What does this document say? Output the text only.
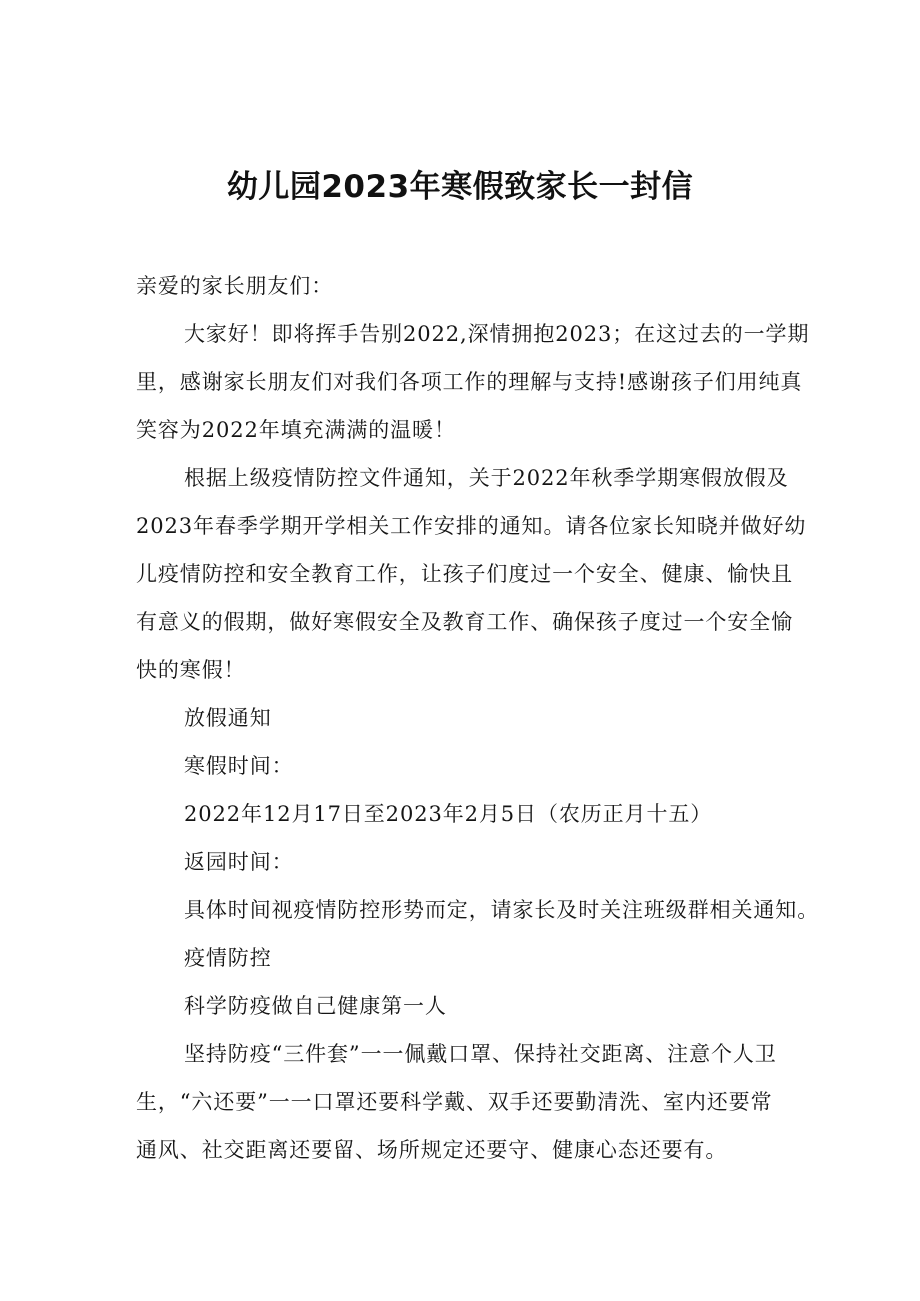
幼儿园2023年寒假致家长一封信

亲爱的家长朋友们：

大家好！即将挥手告别2022,深情拥抱2023；在这过去的一学期
里，感谢家长朋友们对我们各项工作的理解与支持!感谢孩子们用纯真
笑容为2022年填充满满的温暖！

根据上级疫情防控文件通知，关于2022年秋季学期寒假放假及
2023年春季学期开学相关工作安排的通知。请各位家长知晓并做好幼
儿疫情防控和安全教育工作，让孩子们度过一个安全、健康、愉快且
有意义的假期，做好寒假安全及教育工作、确保孩子度过一个安全愉
快的寒假！

放假通知

寒假时间：

2022年12月17日至2023年2月5日（农历正月十五）

返园时间：

具体时间视疫情防控形势而定，请家长及时关注班级群相关通知。

疫情防控

科学防疫做自己健康第一人

坚持防疫“三件套”一一佩戴口罩、保持社交距离、注意个人卫
生，“六还要”一一口罩还要科学戴、双手还要勤清洗、室内还要常
通风、社交距离还要留、场所规定还要守、健康心态还要有。
